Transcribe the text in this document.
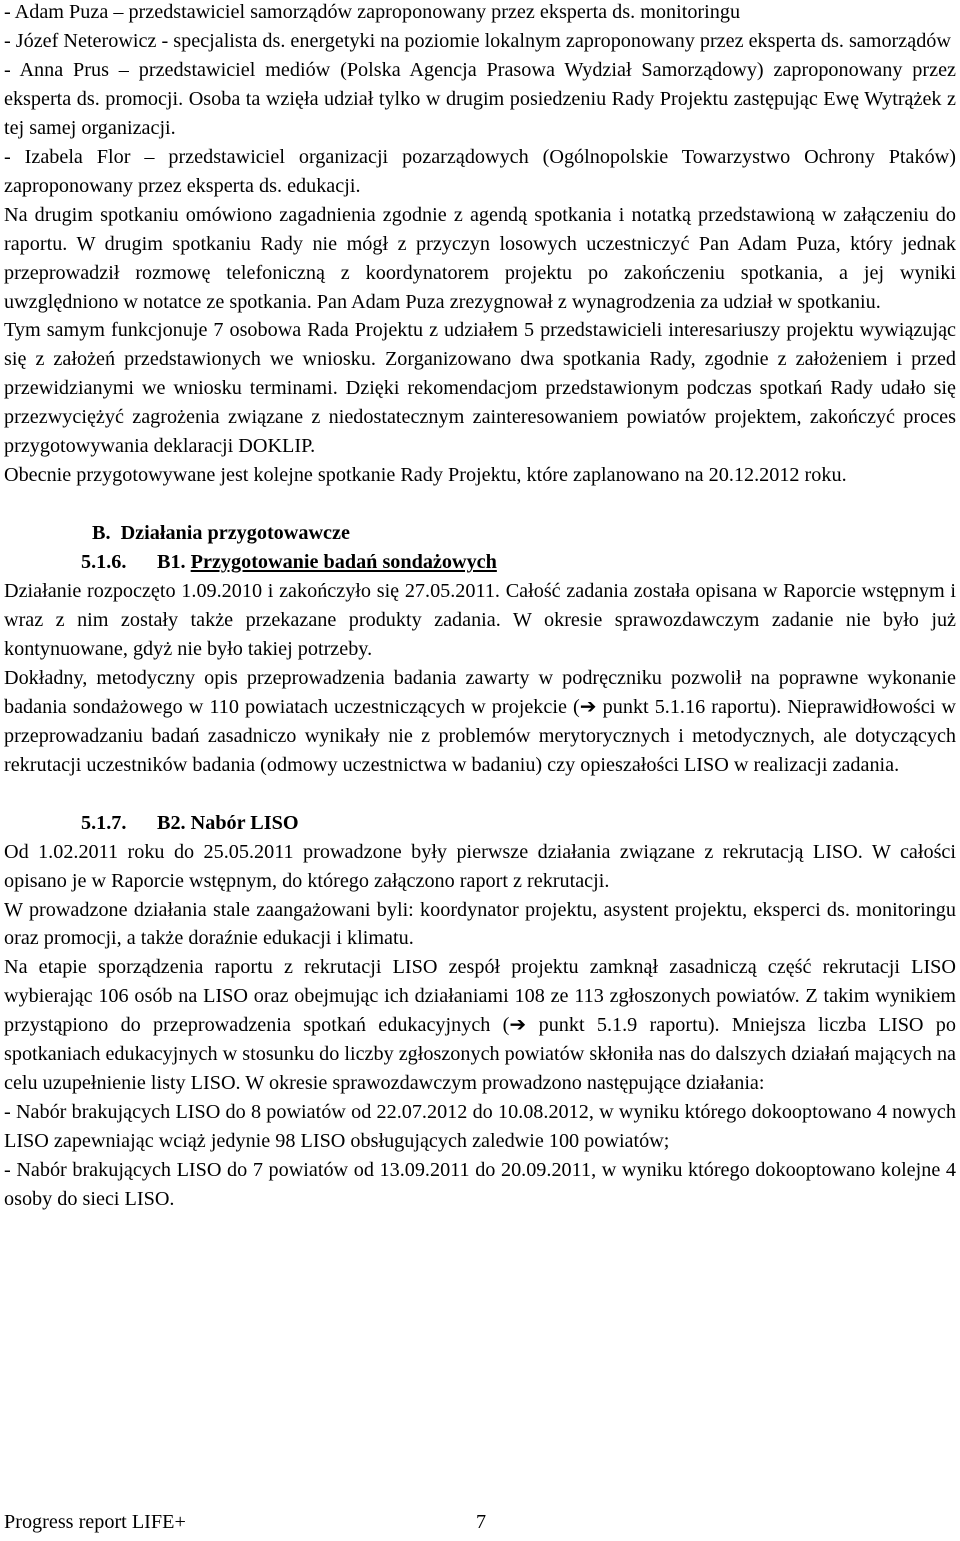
- Adam Puza – przedstawiciel samorządów zaproponowany przez eksperta ds. monitoringu

- Józef Neterowicz - specjalista ds. energetyki na poziomie lokalnym zaproponowany przez eksperta ds. samorządów

- Anna Prus – przedstawiciel mediów (Polska Agencja Prasowa Wydział Samorządowy) zaproponowany przez eksperta ds. promocji. Osoba ta wzięła udział tylko w drugim posiedzeniu Rady Projektu zastępując Ewę Wytrążek z tej samej organizacji.

- Izabela Flor – przedstawiciel organizacji pozarządowych (Ogólnopolskie Towarzystwo Ochrony Ptaków) zaproponowany przez eksperta ds. edukacji.

Na drugim spotkaniu omówiono zagadnienia zgodnie z agendą spotkania i notatką przedstawioną w załączeniu do raportu. W drugim spotkaniu Rady nie mógł z przyczyn losowych uczestniczyć Pan Adam Puza, który jednak przeprowadził rozmowę telefoniczną z koordynatorem projektu po zakończeniu spotkania, a jej wyniki uwzględniono w notatce ze spotkania. Pan Adam Puza zrezygnował z wynagrodzenia za udział w spotkaniu.

Tym samym funkcjonuje 7 osobowa Rada Projektu z udziałem 5 przedstawicieli interesariuszy projektu wywiązując się z założeń przedstawionych we wniosku. Zorganizowano dwa spotkania Rady, zgodnie z założeniem i przed przewidzianymi we wniosku terminami. Dzięki rekomendacjom przedstawionym podczas spotkań Rady udało się przezwyciężyć zagrożenia związane z niedostatecznym zainteresowaniem powiatów projektem, zakończyć proces przygotowywania deklaracji DOKLIP.

Obecnie przygotowywane jest kolejne spotkanie Rady Projektu, które zaplanowano na 20.12.2012 roku.

B.  Działania przygotowawcze

5.1.6. B1. Przygotowanie badań sondażowych

Działanie rozpoczęto 1.09.2010 i zakończyło się 27.05.2011. Całość zadania została opisana w Raporcie wstępnym i wraz z nim zostały także przekazane produkty zadania. W okresie sprawozdawczym zadanie nie było już kontynuowane, gdyż nie było takiej potrzeby.

Dokładny, metodyczny opis przeprowadzenia badania zawarty w podręczniku pozwolił na poprawne wykonanie badania sondażowego w 110 powiatach uczestniczących w projekcie (➔ punkt 5.1.16 raportu). Nieprawidłowości w przeprowadzaniu badań zasadniczo wynikały nie z problemów merytorycznych i metodycznych, ale dotyczących rekrutacji uczestników badania (odmowy uczestnictwa w badaniu) czy opieszałości LISO w realizacji zadania.

5.1.7. B2. Nabór LISO

Od 1.02.2011 roku do 25.05.2011 prowadzone były pierwsze działania związane z rekrutacją LISO. W całości opisano je w Raporcie wstępnym, do którego załączono raport z rekrutacji.

W prowadzone działania stale zaangażowani byli: koordynator projektu, asystent projektu, eksperci ds. monitoringu oraz promocji, a także doraźnie edukacji i klimatu.

Na etapie sporządzenia raportu z rekrutacji LISO zespół projektu zamknął zasadniczą część rekrutacji LISO wybierając 106 osób na LISO oraz obejmując ich działaniami 108 ze 113 zgłoszonych powiatów. Z takim wynikiem przystąpiono do przeprowadzenia spotkań edukacyjnych (➔ punkt 5.1.9 raportu). Mniejsza liczba LISO po spotkaniach edukacyjnych w stosunku do liczby zgłoszonych powiatów skłoniła nas do dalszych działań mających na celu uzupełnienie listy LISO. W okresie sprawozdawczym prowadzono następujące działania:

- Nabór brakujących LISO do 8 powiatów od 22.07.2012 do 10.08.2012, w wyniku którego dokooptowano 4 nowych LISO zapewniając wciąż jedynie 98 LISO obsługujących zaledwie 100 powiatów;

- Nabór brakujących LISO do 7 powiatów od 13.09.2011 do 20.09.2011, w wyniku którego dokooptowano kolejne 4 osoby do sieci LISO.

Progress report LIFE+	7
